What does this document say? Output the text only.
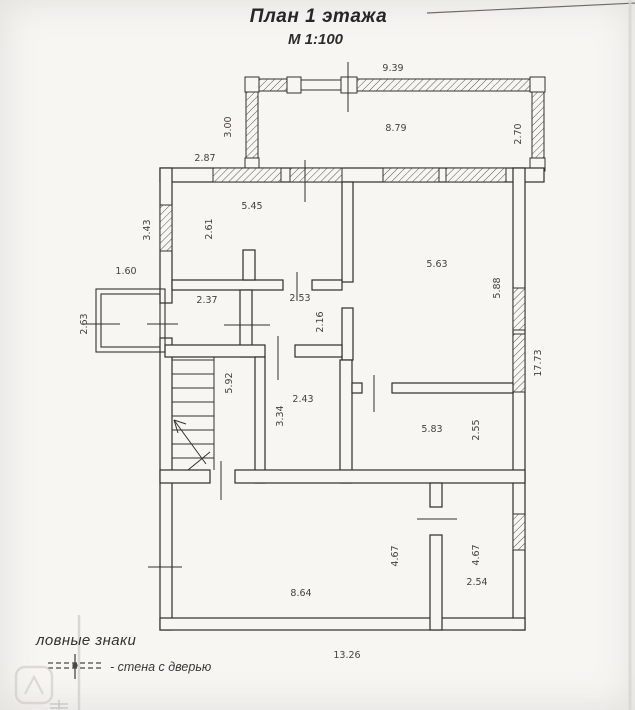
План 1 этажа
М 1:100
9.39
8.79	2.70
3.00
2.87
5.45
2.61
3.43
1.60
2.63
2.37	2.53
2.16
5.63
5.88
5.92
2.43
3.34
5.83	2.55
17.73
8.64
4.67	4.67
2.54
13.26
ловные знаки
- стена с дверью
